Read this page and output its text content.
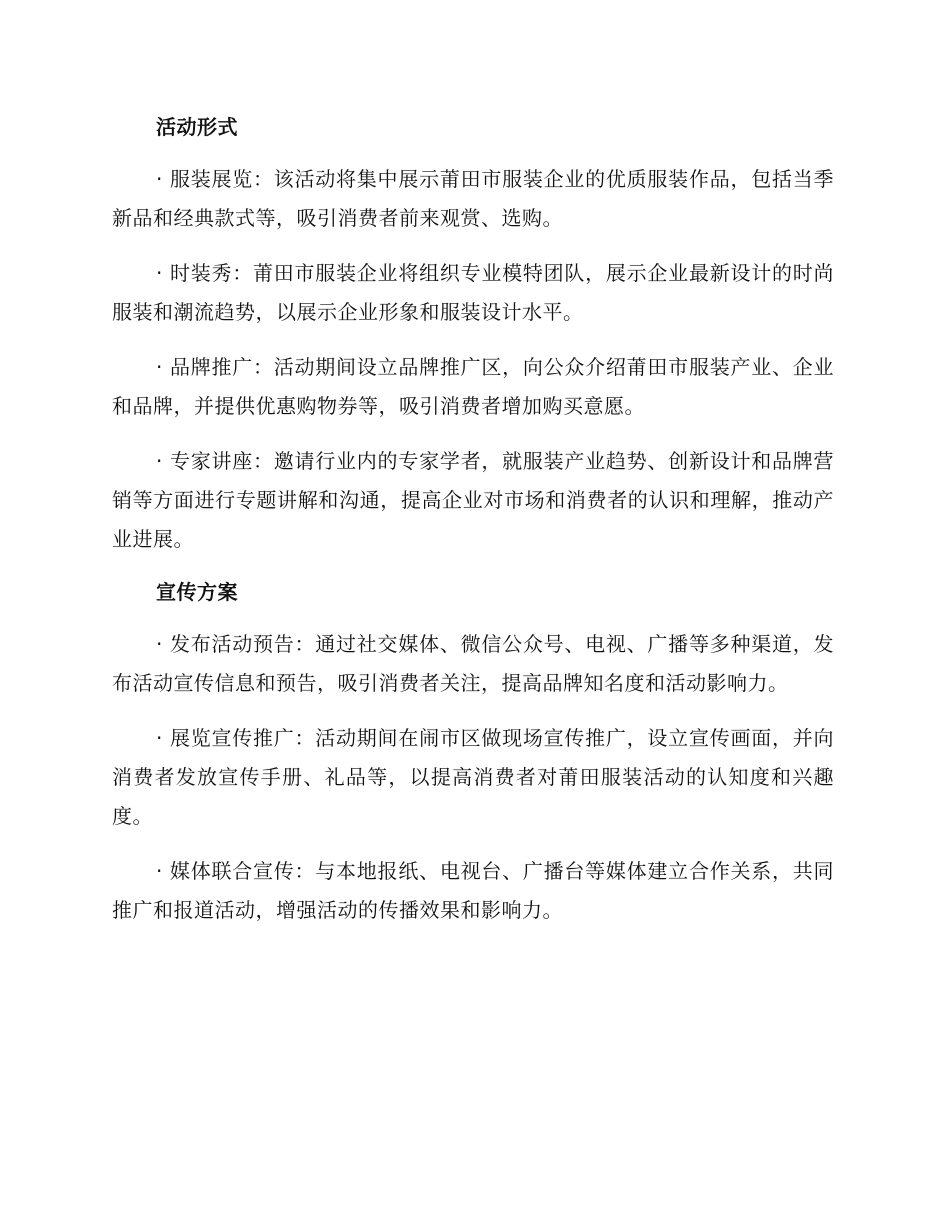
活动形式

· 服装展览：该活动将集中展示莆田市服装企业的优质服装作品，包括当季新品和经典款式等，吸引消费者前来观赏、选购。

· 时装秀：莆田市服装企业将组织专业模特团队，展示企业最新设计的时尚服装和潮流趋势，以展示企业形象和服装设计水平。

· 品牌推广：活动期间设立品牌推广区，向公众介绍莆田市服装产业、企业和品牌，并提供优惠购物券等，吸引消费者增加购买意愿。

· 专家讲座：邀请行业内的专家学者，就服装产业趋势、创新设计和品牌营销等方面进行专题讲解和沟通，提高企业对市场和消费者的认识和理解，推动产业进展。

宣传方案

· 发布活动预告：通过社交媒体、微信公众号、电视、广播等多种渠道，发布活动宣传信息和预告，吸引消费者关注，提高品牌知名度和活动影响力。

· 展览宣传推广：活动期间在闹市区做现场宣传推广，设立宣传画面，并向消费者发放宣传手册、礼品等，以提高消费者对莆田服装活动的认知度和兴趣度。

· 媒体联合宣传：与本地报纸、电视台、广播台等媒体建立合作关系，共同推广和报道活动，增强活动的传播效果和影响力。
